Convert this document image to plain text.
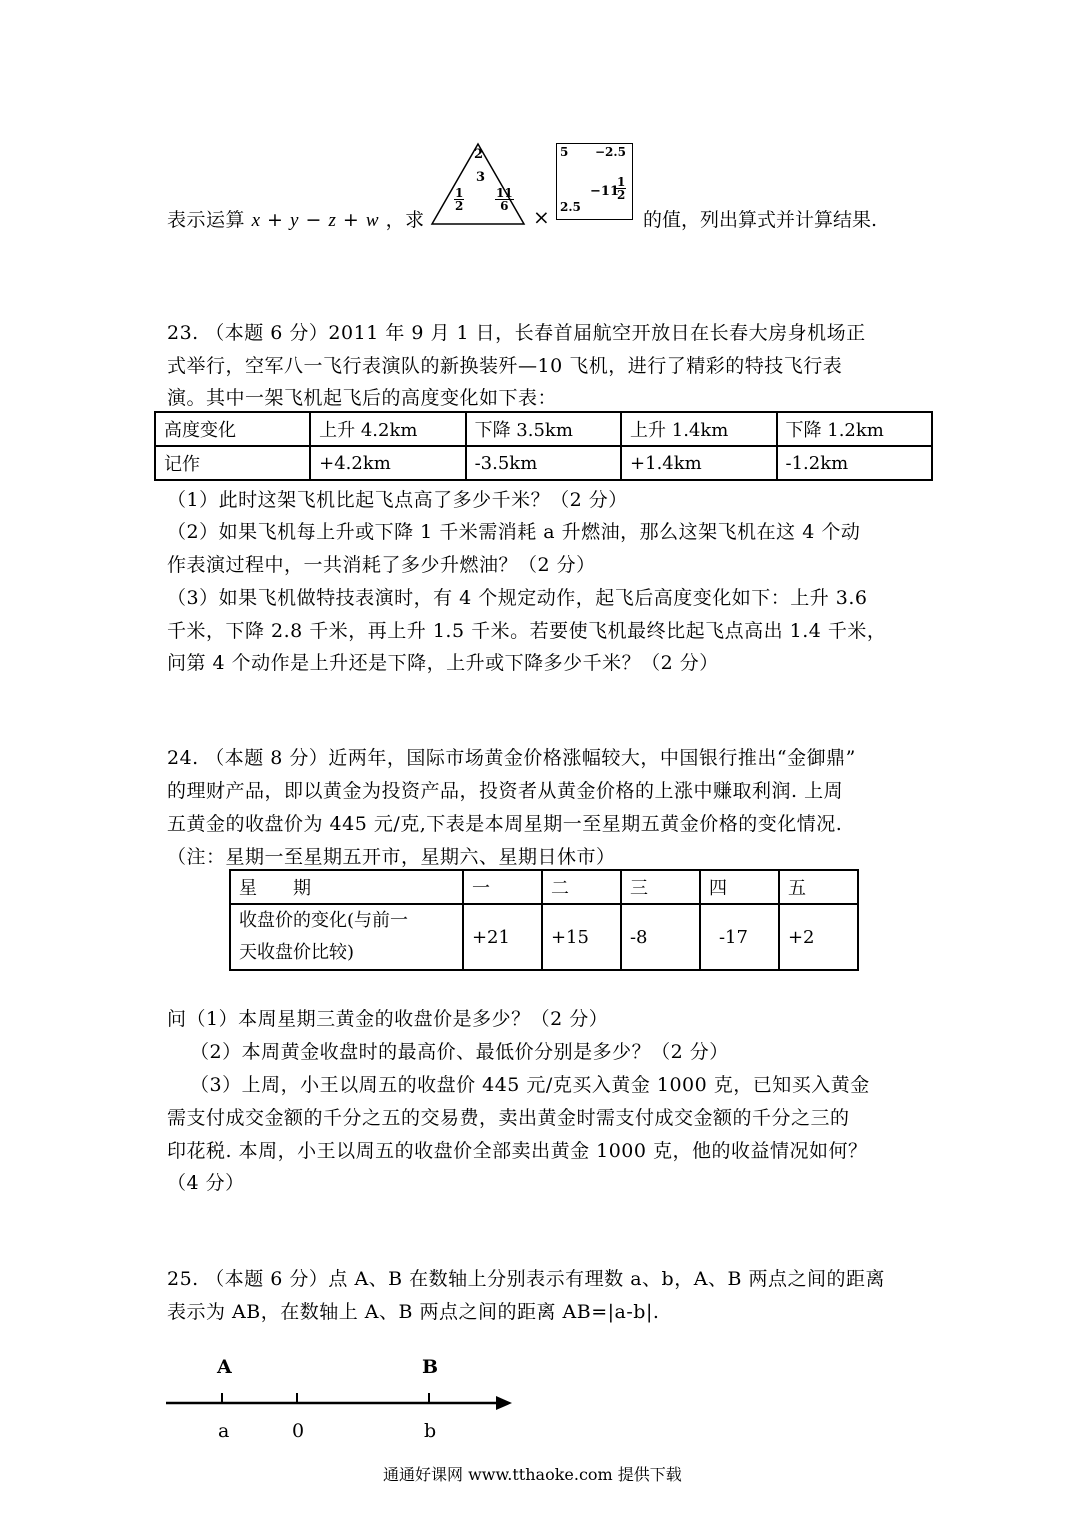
表示运算 x + y − z + w ，求
2
3
$\frac{1}{2}$	$\frac{11}{6}$
×
5 −2.5
−11
$\frac{1}{2}$
2.5
的值，列出算式并计算结果.
23. （本题 6 分）2011 年 9 月 1 日，长春首届航空开放日在长春大房身机场正
式举行，空军八一飞行表演队的新换装歼—10 飞机，进行了精彩的特技飞行表
演。其中一架飞机起飞后的高度变化如下表：
高度变化	上升 4.2km	下降 3.5km	上升 1.4km	下降 1.2km
记作	+4.2km	-3.5km	+1.4km	-1.2km
（1）此时这架飞机比起飞点高了多少千米？（2 分）
（2）如果飞机每上升或下降 1 千米需消耗 a 升燃油，那么这架飞机在这 4 个动
作表演过程中，一共消耗了多少升燃油？（2 分）
（3）如果飞机做特技表演时，有 4 个规定动作，起飞后高度变化如下：上升 3.6
千米，下降 2.8 千米，再上升 1.5 千米。若要使飞机最终比起飞点高出 1.4 千米，
问第 4 个动作是上升还是下降，上升或下降多少千米？（2 分）
24. （本题 8 分）近两年，国际市场黄金价格涨幅较大，中国银行推出“金御鼎”
的理财产品，即以黄金为投资产品，投资者从黄金价格的上涨中赚取利润. 上周
五黄金的收盘价为 445 元/克,下表是本周星期一至星期五黄金价格的变化情况.
（注：星期一至星期五开市，星期六、星期日休市）
星　　期	一	二	三	四	五

收盘价的变化(与前一
天收盘价比较)	+21	+15	-8	-17	+2
问（1）本周星期三黄金的收盘价是多少？（2 分）
（2）本周黄金收盘时的最高价、最低价分别是多少？（2 分）
（3）上周，小王以周五的收盘价 445 元/克买入黄金 1000 克，已知买入黄金
需支付成交金额的千分之五的交易费，卖出黄金时需支付成交金额的千分之三的
印花税. 本周，小王以周五的收盘价全部卖出黄金 1000 克，他的收益情况如何？
（4 分）
25. （本题 6 分）点 A、B 在数轴上分别表示有理数 a、b，A、B 两点之间的距离
表示为 AB，在数轴上 A、B 两点之间的距离 AB=|a-b|.
A	B
a	0	b
通通好课网 www.tthaoke.com 提供下载
